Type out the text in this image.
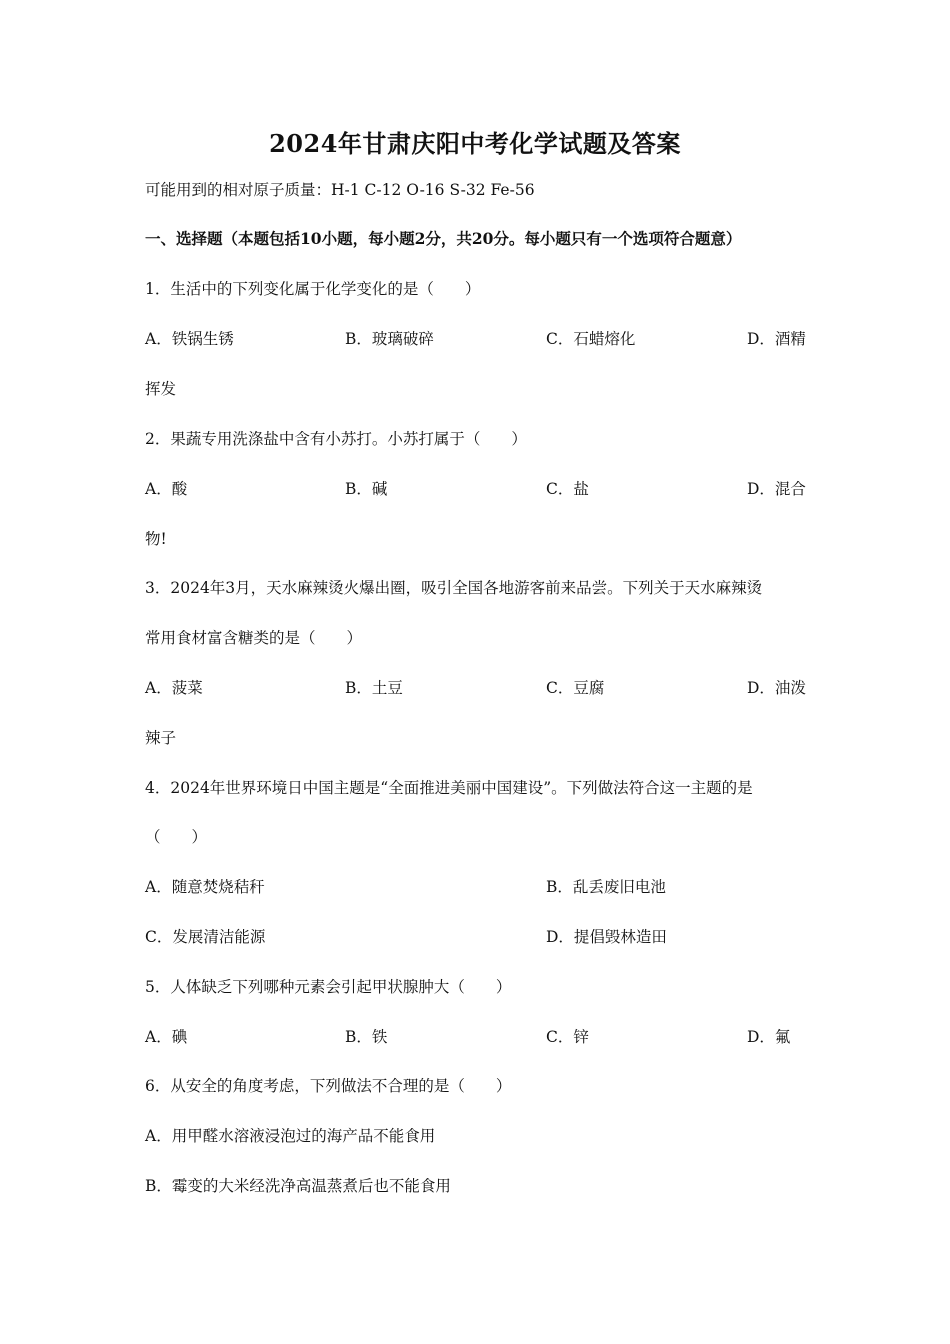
2024年甘肃庆阳中考化学试题及答案
可能用到的相对原子质量：H-1 C-12 O-16 S-32 Fe-56
一、选择题（本题包括10小题，每小题2分，共20分。每小题只有一个选项符合题意）
1．生活中的下列变化属于化学变化的是（　　）
A．铁锅生锈	B．玻璃破碎	C．石蜡熔化	D．酒精
挥发
2．果蔬专用洗涤盐中含有小苏打。小苏打属于（　　）
A．酸	B．碱	C．盐	D．混合
物!
3．2024年3月，天水麻辣烫火爆出圈，吸引全国各地游客前来品尝。下列关于天水麻辣烫
常用食材富含糖类的是（　　）
A．菠菜	B．土豆	C．豆腐	D．油泼
辣子
4．2024年世界环境日中国主题是“全面推进美丽中国建设”。下列做法符合这一主题的是
（　　）
A．随意焚烧秸秆	B．乱丢废旧电池
C．发展清洁能源	D．提倡毁林造田
5．人体缺乏下列哪种元素会引起甲状腺肿大（　　）
A．碘	B．铁	C．锌	D．氟
6．从安全的角度考虑，下列做法不合理的是（　　）
A．用甲醛水溶液浸泡过的海产品不能食用
B．霉变的大米经洗净高温蒸煮后也不能食用
